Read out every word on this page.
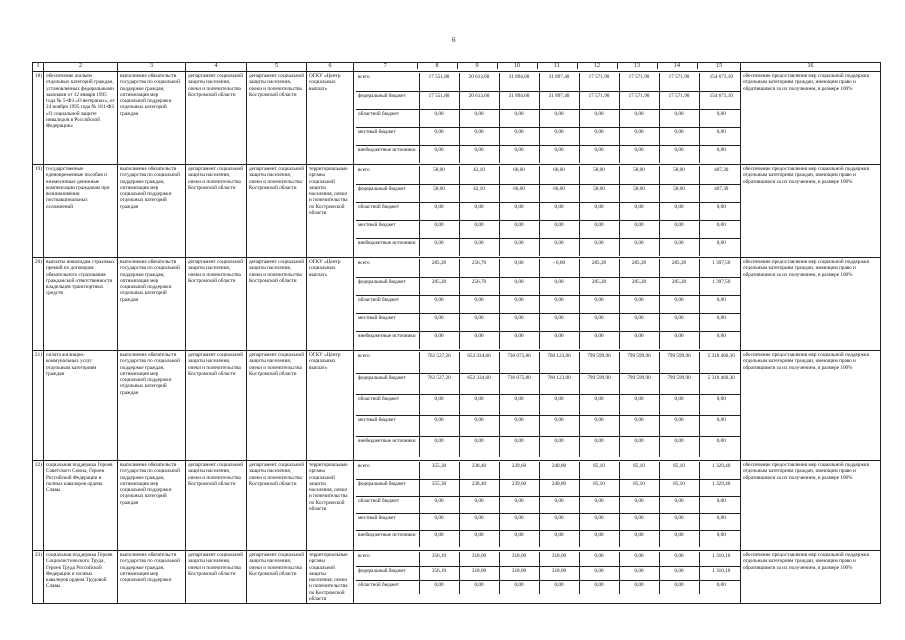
6
1	2	3	4	5	6		7	8	9	10	11	12	13	14	15
		16
18)	обеспечение жильем отдельных категорий граждан, установленных федеральными законами от 12 января 1995 года № 5-ФЗ «О ветеранах», от 24 ноября 1995 года № 181-ФЗ «О социальной защите инвалидов в Российской Федерации»	выполнение обязательств государства по социальной поддержке граждан, оптимизация мер социальной поддержки отдельных категорий граждан	департамент социальной защиты населения, опеки и попечительства Костромской области	департамент социальной защиты населения, опеки и попечительства Костромской области	ОГКУ «Центр социальных выплат»	
всего	17 551,80	20 613,60	31 894,60	31 897,40	17 571,90	17 571,90	17 571,90	154 673,10
федеральный бюджет	17 551,80	20 613,60	31 894,60	31 897,40	17 571,90	17 571,90	17 571,90	154 673,10
областной бюджет	0,00	0,00	0,00	0,00	0,00	0,00	0,00	0,00
местный бюджет	0,00	0,00	0,00	0,00	0,00	0,00	0,00	0,00
внебюджетные источники	0,00	0,00	0,00	0,00	0,00	0,00	0,00	0,00
	обеспечение предоставления мер социальной поддержки отдельным категориям граждан, имеющим право и обратившимся за их получением, в размере 100%
19)	государственные единовременные пособия и ежемесячные денежные компенсации гражданам при возникновении поствакцинальных осложнений	выполнение обязательств государства по социальной поддержке граждан, оптимизация мер социальной поддержки отдельных категорий граждан	департамент социальной защиты населения, опеки и попечительства Костромской области	департамент социальной защиты населения, опеки и попечительства Костромской области	территориальные органы социальной защиты населения, опеки и попечительства по Костромской области	
всего	58,00	42,10	66,60	66,60	58,00	58,00	58,00	407,30
федеральный бюджет	58,00	42,10	66,60	66,60	58,00	58,00	58,00	407,30
областной бюджет	0,00	0,00	0,00	0,00	0,00	0,00	0,00	0,00
местный бюджет	0,00	0,00	0,00	0,00	0,00	0,00	0,00	0,00
внебюджетные источники	0,00	0,00	0,00	0,00	0,00	0,00	0,00	0,00
	обеспечение предоставления мер социальной поддержки отдельным категориям граждан, имеющим право и обратившимся за их получением, в размере 100%
20)	выплаты инвалидам страховых премий по договорам обязательного страхования гражданской ответственности владельцев транспортных средств	выполнение обязательств государства по социальной поддержке граждан, оптимизация мер социальной поддержки отдельных категорий граждан	департамент социальной защиты населения, опеки и попечительства Костромской области	департамент социальной защиты населения, опеки и попечительства Костромской области	ОГКУ «Центр социальных выплат»	
всего	285,20	256,70	0,00	- 0,00	285,20	285,20	285,20	1 397,50
федеральный бюджет	285,20	256,70	0,00	0,00	285,20	285,20	285,20	1 397,50
областной бюджет	0,00	0,00	0,00	0,00	0,00	0,00	0,00	0,00
местный бюджет	0,00	0,00	0,00	0,00	0,00	0,00	0,00	0,00
внебюджетные источники	0,00	0,00	0,00	0,00	0,00	0,00	0,00	0,00
	обеспечение предоставления мер социальной поддержки отдельным категориям граждан, имеющим право и обратившимся за их получением, в размере 100%
21)	оплата жилищно-коммунальных услуг отдельным категориям граждан	выполнение обязательств государства по социальной поддержке граждан, оптимизация мер социальной поддержки отдельных категорий граждан	департамент социальной защиты населения, опеки и попечительства Костромской области	департамент социальной защиты населения, опеки и попечительства Костромской области	ОГКУ «Центр социальных выплат»	
всего	762 527,20	652 334,60	736 075,80	760 123,00	799 599,90	799 599,90	799 599,90	5 310 460,30
федеральный бюджет	762 527,20	652 334,60	736 075,80	760 123,00	799 599,90	799 599,90	799 599,90	5 310 460,30
областной бюджет	0,00	0,00	0,00	0,00	0,00	0,00	0,00	0,00
местный бюджет	0,00	0,00	0,00	0,00	0,00	0,00	0,00	0,00
внебюджетные источники	0,00	0,00	0,00	0,00	0,00	0,00	0,00	0,00
	обеспечение предоставления мер социальной поддержки отдельным категориям граждан, имеющим право и обратившимся за их получением, в размере 100%
22)	социальная поддержка Героев Советского Союза, Героев Российской Федерации и полных кавалеров ордена Славы	выполнение обязательств государства по социальной поддержке граждан, оптимизация мер социальной поддержки отдельных категорий граждан	департамент социальной защиты населения, опеки и попечительства Костромской области	департамент социальной защиты населения, опеки и попечительства Костромской области	территориальные органы социальной защиты населения, опеки и попечительства по Костромской области	
всего	355,30	238,40	239,60	240,80	85,10	85,10	85,10	1 329,40
федеральный бюджет	355,30	238,40	239,60	240,80	85,10	85,10	85,10	1 329,40
областной бюджет	0,00	0,00	0,00	0,00	0,00	0,00	0,00	0,00
местный бюджет	0,00	0,00	0,00	0,00	0,00	0,00	0,00	0,00
внебюджетные источники	0,00	0,00	0,00	0,00	0,00	0,00	0,00	0,00
	обеспечение предоставления мер социальной поддержки отдельным категориям граждан, имеющим право и обратившимся за их получением, в размере 100%
23)	социальная поддержка Героев Социалистического Труда, Героев Труда Российской Федерации и полных кавалеров ордена Трудовой Славы	выполнение обязательств государства по социальной поддержке граждан, оптимизация мер социальной поддержки	департамент социальной защиты населения, опеки и попечительства Костромской области	департамент социальной защиты населения, опеки и попечительства Костромской области	территориальные органы социальной защиты населения, опеки и попечительства по Костромской области	
всего	356,10	318,00	318,00	318,00	0,00	0,00	0,00	1 310,10
федеральный бюджет	356,10	318,00	318,00	318,00	0,00	0,00	0,00	1 310,10
областной бюджет	0,00	0,00	0,00	0,00	0,00	0,00	0,00	0,00
	обеспечение предоставления мер социальной поддержки отдельным категориям граждан, имеющим право и обратившимся за их получением, в размере 100%
